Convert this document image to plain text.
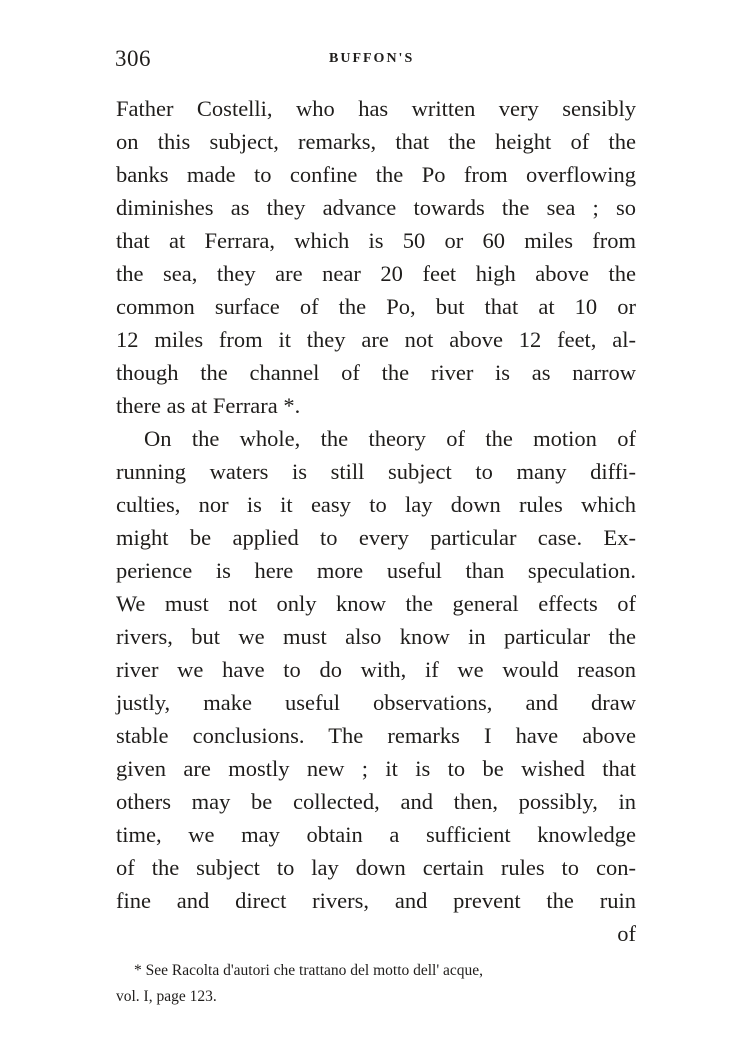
306	BUFFON'S
Father Costelli, who has written very sensibly
on this subject, remarks, that the height of the
banks made to confine the Po from overflowing
diminishes as they advance towards the sea ; so
that at Ferrara, which is 50 or 60 miles from
the sea, they are near 20 feet high above the
common surface of the Po, but that at 10 or
12 miles from it they are not above 12 feet, al-
though the channel of the river is as narrow
there as at Ferrara *.
On the whole, the theory of the motion of
running waters is still subject to many diffi-
culties, nor is it easy to lay down rules which
might be applied to every particular case. Ex-
perience is here more useful than speculation.
We must not only know the general effects of
rivers, but we must also know in particular the
river we have to do with, if we would reason
justly, make useful observations, and draw
stable conclusions. The remarks I have above
given are mostly new ; it is to be wished that
others may be collected, and then, possibly, in
time, we may obtain a sufficient knowledge
of the subject to lay down certain rules to con-
fine and direct rivers, and prevent the ruin
of
* See Racolta d'autori che trattano del motto dell' acque,
vol. I, page 123.
